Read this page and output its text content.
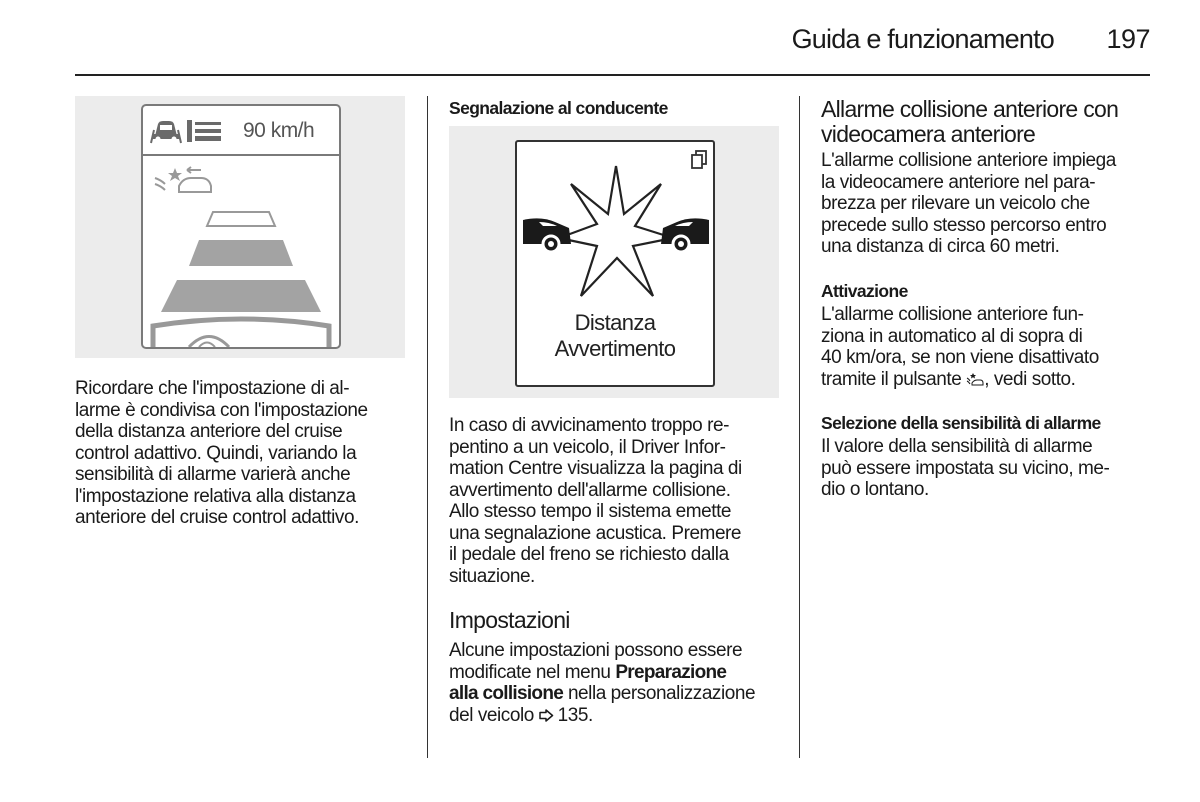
Guida e funzionamento	197
90 km/h
Ricordare che l'impostazione di al-
larme è condivisa con l'impostazione
della distanza anteriore del cruise
control adattivo. Quindi, variando la
sensibilità di allarme varierà anche
l'impostazione relativa alla distanza
anteriore del cruise control adattivo.
Segnalazione al conducente
Distanza
Avvertimento
In caso di avvicinamento troppo re-
pentino a un veicolo, il Driver Infor-
mation Centre visualizza la pagina di
avvertimento dell'allarme collisione.
Allo stesso tempo il sistema emette
una segnalazione acustica. Premere
il pedale del freno se richiesto dalla
situazione.
Impostazioni
Alcune impostazioni possono essere
modificate nel menu Preparazione
alla collisione nella personalizzazione
del veicolo 135.
Allarme collisione anteriore con
videocamera anteriore
L'allarme collisione anteriore impiega
la videocamere anteriore nel para-
brezza per rilevare un veicolo che
precede sullo stesso percorso entro
una distanza di circa 60 metri.
Attivazione
L'allarme collisione anteriore fun-
ziona in automatico al di sopra di
40 km/ora, se non viene disattivato
tramite il pulsante , vedi sotto.
Selezione della sensibilità di allarme
Il valore della sensibilità di allarme
può essere impostata su vicino, me-
dio o lontano.
